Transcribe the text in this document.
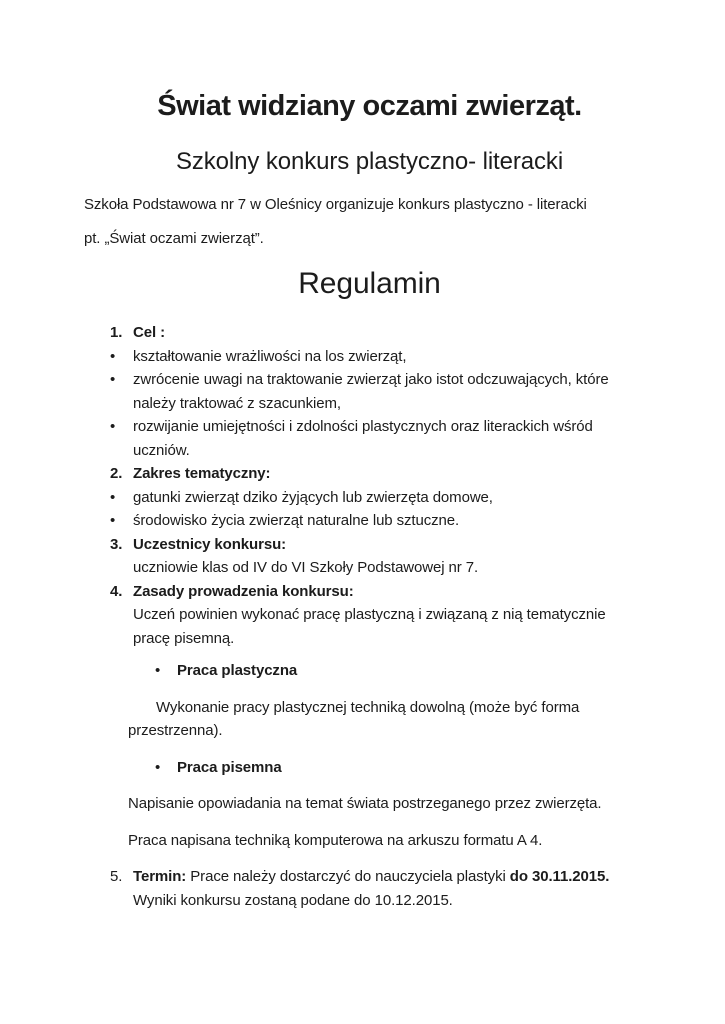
Świat widziany oczami zwierząt.
Szkolny konkurs plastyczno- literacki

Szkoła Podstawowa nr 7 w Oleśnicy organizuje konkurs plastyczno - literacki

pt. „Świat oczami zwierząt”.

Regulamin
1. Cel :
•	kształtowanie wrażliwości na los zwierząt,
•	zwrócenie uwagi na traktowanie zwierząt jako istot odczuwających, które należy traktować z szacunkiem,
•	rozwijanie umiejętności i zdolności plastycznych oraz literackich wśród uczniów.
2. Zakres tematyczny:
•	gatunki zwierząt dziko żyjących lub zwierzęta domowe,
•	środowisko życia zwierząt naturalne lub sztuczne.
3. Uczestnicy konkursu:
uczniowie klas od IV do VI Szkoły Podstawowej nr 7.
4. Zasady prowadzenia konkursu:
Uczeń powinien wykonać pracę plastyczną i związaną z nią tematycznie pracę pisemną.
•	Praca plastyczna
Wykonanie pracy plastycznej techniką dowolną (może być forma przestrzenna).
•	Praca pisemna
Napisanie opowiadania na temat świata postrzeganego przez zwierzęta.
Praca napisana techniką komputerowa na arkuszu formatu A 4.
5. Termin: Prace należy dostarczyć do nauczyciela plastyki do 30.11.2015.
Wyniki konkursu zostaną podane do 10.12.2015.
